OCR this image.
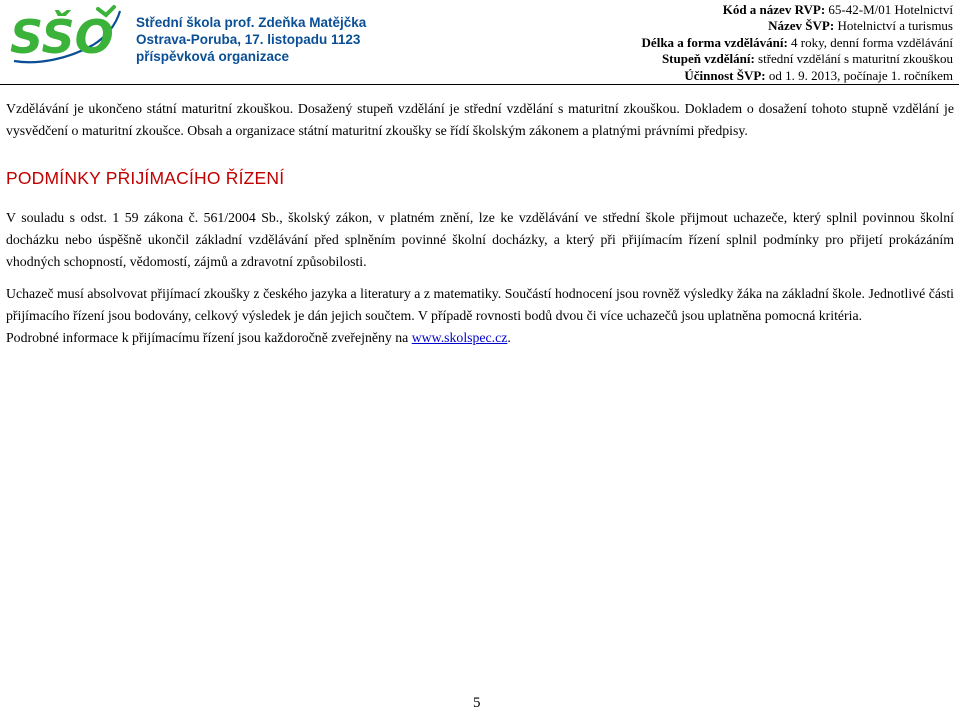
SŠO Střední škola prof. Zdeňka Matějčka
Ostrava-Poruba, 17. listopadu 1123
příspěvková organizace
Kód a název RVP: 65-42-M/01 Hotelnictví
Název ŠVP: Hotelnictví a turismus
Délka a forma vzdělávání: 4 roky, denní forma vzdělávání
Stupeň vzdělání: střední vzdělání s maturitní zkouškou
Účinnost ŠVP: od 1. 9. 2013, počínaje 1. ročníkem

Vzdělávání je ukončeno státní maturitní zkouškou. Dosažený stupeň vzdělání je střední vzdělání s maturitní zkouškou. Dokladem o dosažení tohoto stupně vzdělání je vysvědčení o maturitní zkoušce. Obsah a organizace státní maturitní zkoušky se řídí školským zákonem a platnými právními předpisy.

PODMÍNKY PŘIJÍMACÍHO ŘÍZENÍ

V souladu s odst. 1 59 zákona č. 561/2004 Sb., školský zákon, v platném znění, lze ke vzdělávání ve střední škole přijmout uchazeče, který splnil povinnou školní docházku nebo úspěšně ukončil základní vzdělávání před splněním povinné školní docházky, a který při přijímacím řízení splnil podmínky pro přijetí prokázáním vhodných schopností, vědomostí, zájmů a zdravotní způsobilosti.

Uchazeč musí absolvovat přijímací zkoušky z českého jazyka a literatury a z matematiky. Součástí hodnocení jsou rovněž výsledky žáka na základní škole. Jednotlivé části přijímacího řízení jsou bodovány, celkový výsledek je dán jejich součtem. V případě rovnosti bodů dvou či více uchazečů jsou uplatněna pomocná kritéria.

Podrobné informace k přijímacímu řízení jsou každoročně zveřejněny na www.skolspec.cz.

5
